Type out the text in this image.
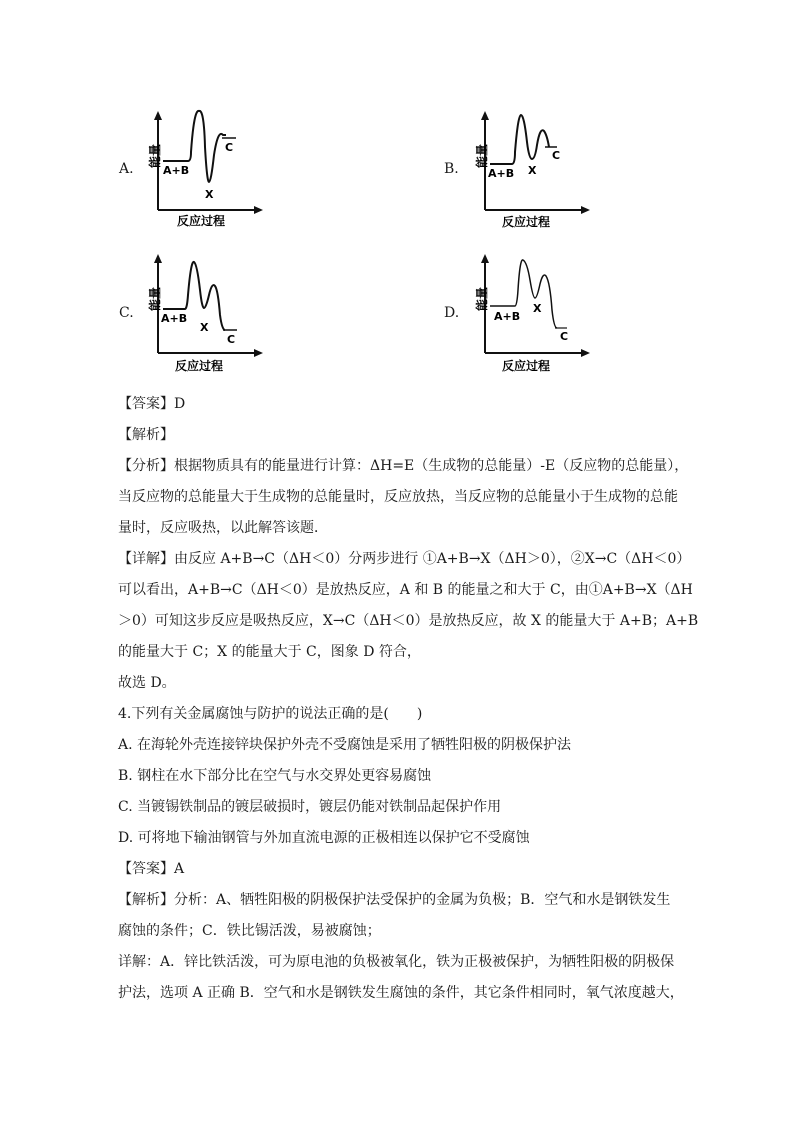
A.	A+B
X
C
能量
反应过程
B.	A+B X
C
能量
反应过程
C. A+B
X
C
能量
反应过程
D.	A+B
X
C
能量
反应过程
【答案】D
【解析】
【分析】根据物质具有的能量进行计算：ΔH=E（生成物的总能量）-E（反应物的总能量），
当反应物的总能量大于生成物的总能量时，反应放热，当反应物的总能量小于生成物的总能
量时，反应吸热，以此解答该题．
【详解】由反应 A+B→C（ΔH＜0）分两步进行 ①A+B→X（ΔH＞0），②X→C（ΔH＜0）
可以看出，A+B→C（ΔH＜0）是放热反应，A 和 B 的能量之和大于 C，由①A+B→X（ΔH
＞0）可知这步反应是吸热反应，X→C（ΔH＜0）是放热反应，故 X 的能量大于 A+B；A+B
的能量大于 C；X 的能量大于 C，图象 D 符合，
故选 D。
4.下列有关金属腐蚀与防护的说法正确的是(　　)
A. 在海轮外壳连接锌块保护外壳不受腐蚀是采用了牺牲阳极的阴极保护法
B. 钢柱在水下部分比在空气与水交界处更容易腐蚀
C. 当镀锡铁制品的镀层破损时，镀层仍能对铁制品起保护作用
D. 可将地下输油钢管与外加直流电源的正极相连以保护它不受腐蚀
【答案】A
【解析】分析：A、牺牲阳极的阴极保护法受保护的金属为负极；B．空气和水是钢铁发生
腐蚀的条件；C．铁比锡活泼，易被腐蚀；
详解：A．锌比铁活泼，可为原电池的负极被氧化，铁为正极被保护，为牺牲阳极的阴极保
护法，选项 A 正确 B．空气和水是钢铁发生腐蚀的条件，其它条件相同时，氧气浓度越大，
